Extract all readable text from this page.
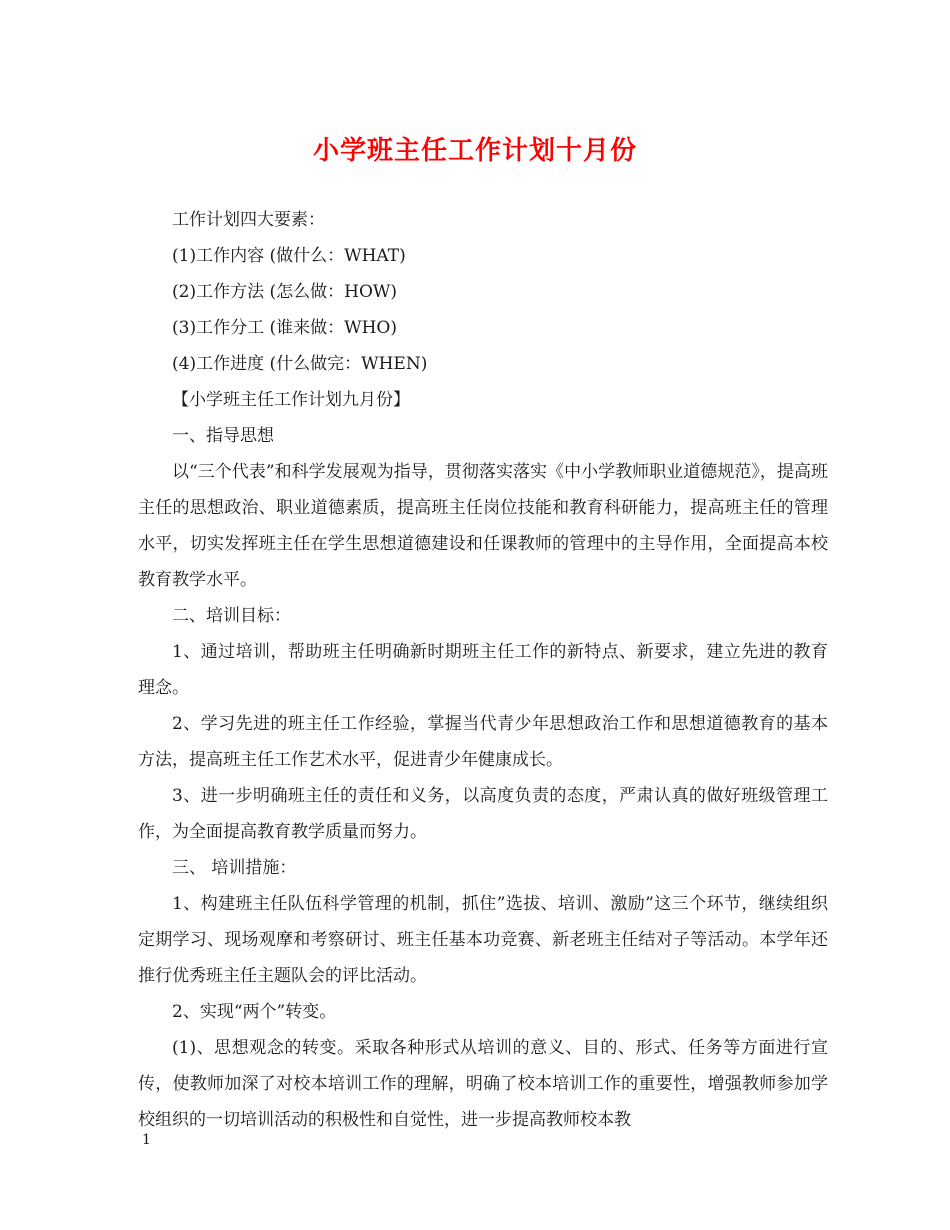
小学班主任工作计划十月份

工作计划四大要素：

(1)工作内容 (做什么：WHAT)

(2)工作方法 (怎么做：HOW)

(3)工作分工 (谁来做：WHO)

(4)工作进度 (什么做完：WHEN)

【小学班主任工作计划九月份】

一、指导思想

以“三个代表”和科学发展观为指导，贯彻落实落实《中小学教师职业道德规范》，提高班主任的思想政治、职业道德素质，提高班主任岗位技能和教育科研能力，提高班主任的管理水平，切实发挥班主任在学生思想道德建设和任课教师的管理中的主导作用，全面提高本校教育教学水平。

二、培训目标：

1、通过培训，帮助班主任明确新时期班主任工作的新特点、新要求，建立先进的教育理念。

2、学习先进的班主任工作经验，掌握当代青少年思想政治工作和思想道德教育的基本方法，提高班主任工作艺术水平，促进青少年健康成长。

3、进一步明确班主任的责任和义务，以高度负责的态度，严肃认真的做好班级管理工作，为全面提高教育教学质量而努力。

三、 培训措施：

1、构建班主任队伍科学管理的机制，抓住”选拔、培训、激励”这三个环节，继续组织定期学习、现场观摩和考察研讨、班主任基本功竞赛、新老班主任结对子等活动。本学年还推行优秀班主任主题队会的评比活动。

2、实现“两个”转变。

(1)、思想观念的转变。采取各种形式从培训的意义、目的、形式、任务等方面进行宣传，使教师加深了对校本培训工作的理解，明确了校本培训工作的重要性，增强教师参加学校组织的一切培训活动的积极性和自觉性，进一步提高教师校本教

1
